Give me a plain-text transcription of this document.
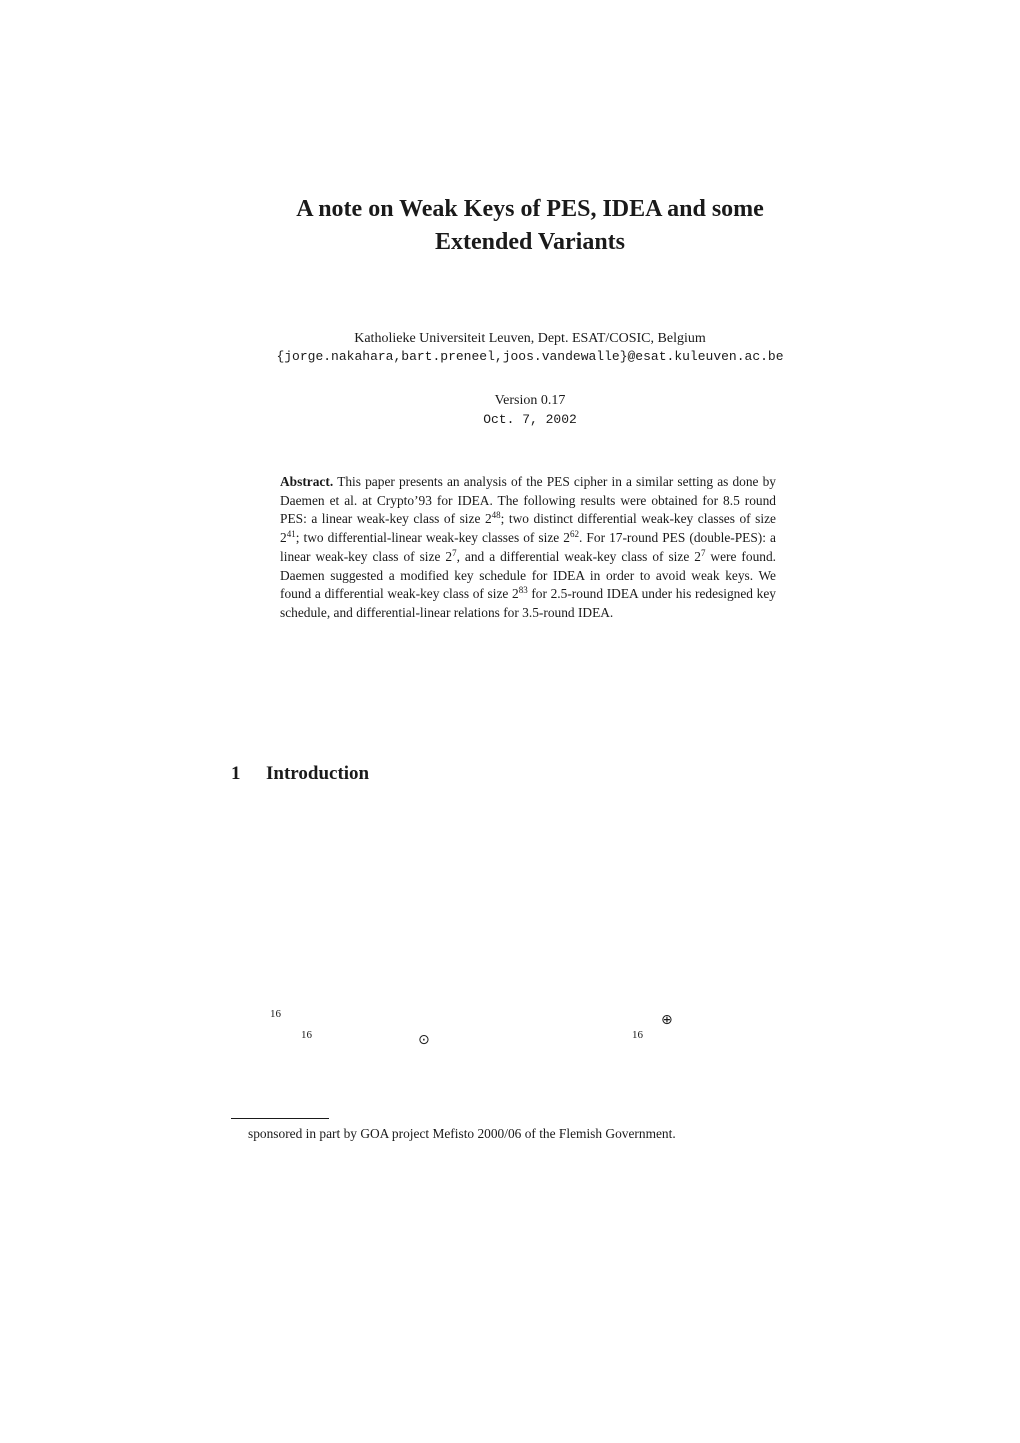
A note on Weak Keys of PES, IDEA and some
Extended Variants
Katholieke Universiteit Leuven, Dept. ESAT/COSIC, Belgium
{jorge.nakahara,bart.preneel,joos.vandewalle}@esat.kuleuven.ac.be
Version 0.17
Oct. 7, 2002
Abstract. This paper presents an analysis of the PES cipher in a similar setting as done by Daemen et al. at Crypto’93 for IDEA. The following results were obtained for 8.5 round PES: a linear weak-key class of size $2^{48}$; two distinct differential weak-key classes of size $2^{41}$; two differential-linear weak-key classes of size $2^{62}$. For 17-round PES (double-PES): a linear weak-key class of size $2^7$, and a differential weak-key class of size $2^7$ were found. Daemen suggested a modified key schedule for IDEA in order to avoid weak keys. We found a differential weak-key class of size $2^{83}$ for 2.5-round IDEA under his redesigned key schedule, and differential-linear relations for 3.5-round IDEA.
1 Introduction
16
16	16
⊕
⊙
sponsored in part by GOA project Mefisto 2000/06 of the Flemish Government.
